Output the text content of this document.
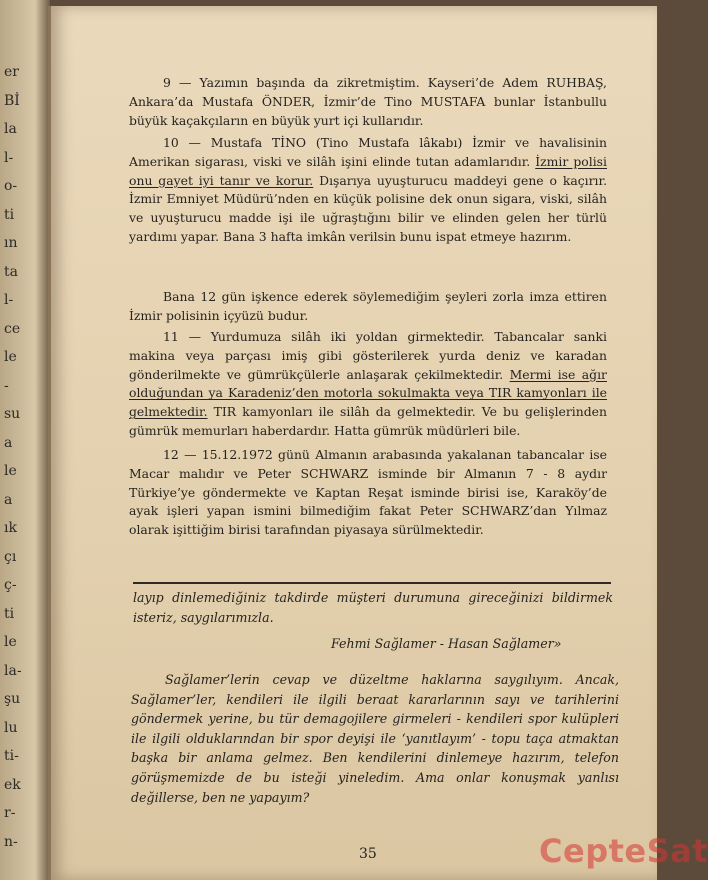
er
Bİ
la
l-
o-
ti
ın
ta
l-
ce
le
-
su
a
le
a
ık
çı
ç-
ti
le
la-
şu
lu
ti-
ek
r-
n-

9 — Yazımın başında da zikretmiştim. Kayseri’de Adem RUHBAŞ, Ankara’da Mustafa ÖNDER, İzmir’de Tino MUSTAFA bunlar İstanbullu büyük kaçakçıların en büyük yurt içi kullarıdır.

10 — Mustafa TİNO (Tino Mustafa lâkabı) İzmir ve havalisinin Amerikan sigarası, viski ve silâh işini elinde tutan adamlarıdır. İzmir polisi onu gayet iyi tanır ve korur. Dışarıya uyuşturucu maddeyi gene o kaçırır. İzmir Emniyet Müdürü’nden en küçük polisine dek onun sigara, viski, silâh ve uyuşturucu madde işi ile uğraştığını bilir ve elinden gelen her türlü yardımı yapar. Bana 3 hafta imkân verilsin bunu ispat etmeye hazırım.

Bana 12 gün işkence ederek söylemediğim şeyleri zorla imza ettiren İzmir polisinin içyüzü budur.

11 — Yurdumuza silâh iki yoldan girmektedir. Tabancalar sanki makina veya parçası imiş gibi gösterilerek yurda deniz ve karadan gönderilmekte ve gümrükçülerle anlaşarak çekilmektedir. Mermi ise ağır olduğundan ya Karadeniz’den motorla sokulmakta veya TIR kamyonları ile gelmektedir. TIR kamyonları ile silâh da gelmektedir. Ve bu gelişlerinden gümrük memurları haberdardır. Hatta gümrük müdürleri bile.

12 — 15.12.1972 günü Almanın arabasında yakalanan tabancalar ise Macar malıdır ve Peter SCHWARZ isminde bir Almanın 7 - 8 aydır Türkiye’ye göndermekte ve Kaptan Reşat isminde birisi ise, Karaköy’de ayak işleri yapan ismini bilmediğim fakat Peter SCHWARZ’dan Yılmaz olarak işittiğim birisi tarafından piyasaya sürülmektedir.

layıp dinlemediğiniz takdirde müşteri durumuna gireceğinizi bildirmek isteriz, saygılarımızla.
Fehmi Sağlamer - Hasan Sağlamer»
Sağlamer’lerin cevap ve düzeltme haklarına saygılıyım. Ancak, Sağlamer’ler, kendileri ile ilgili beraat kararlarının sayı ve tarihlerini göndermek yerine, bu tür demagojilere girmeleri - kendileri spor kulüpleri ile ilgili olduklarından bir spor deyişi ile ‘yanıtlayım’ - topu taça atmaktan başka bir anlama gelmez. Ben kendilerini dinlemeye hazırım, telefon görüşmemizde de bu isteği yineledim. Ama onlar konuşmak yanlısı değillerse, ben ne yapayım?
35	CepteSat
